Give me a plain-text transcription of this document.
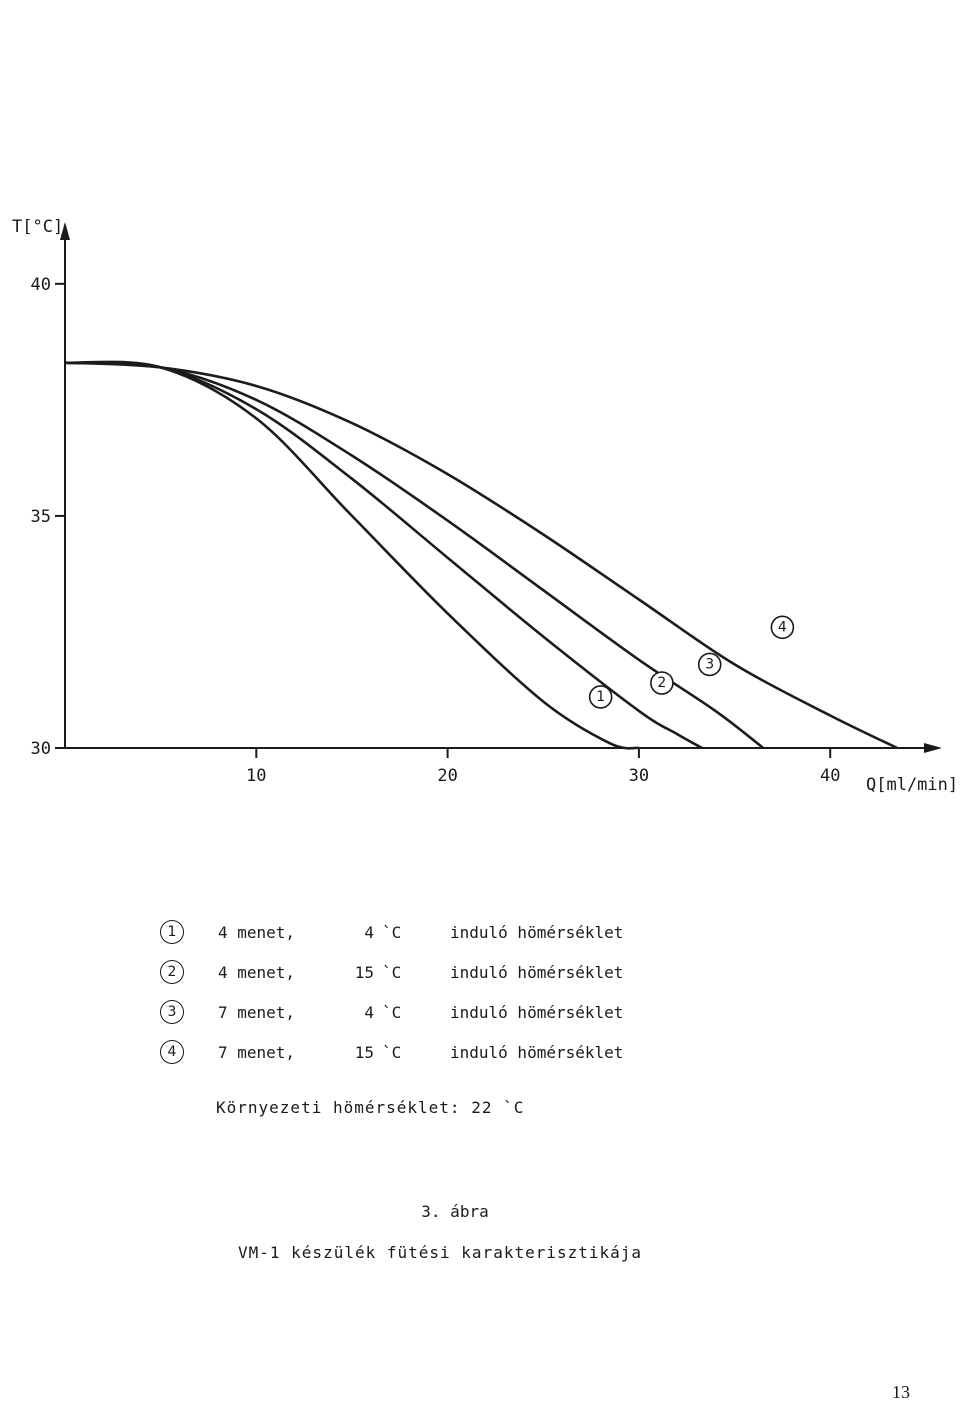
T[°C]
Q[ml/min]
10	20	30	40
30
35
40
1
2
3
4
1	4 menet,	4 `C	induló hömérséklet
2	4 menet,	15 `C	induló hömérséklet
3	7 menet,	4 `C	induló hömérséklet
4	7 menet,	15 `C	induló hömérséklet
Környezeti hömérséklet: 22 `C
3. ábra
VM-1 készülék fütési karakterisztikája
13
